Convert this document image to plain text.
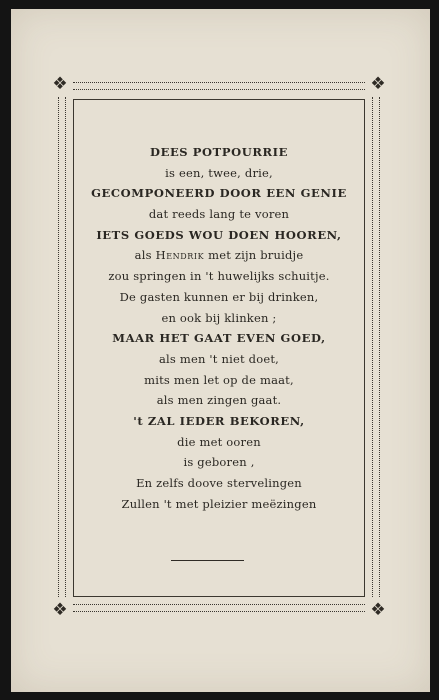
❖	❖
❖	❖
DEES POTPOURRIE
is een, twee, drie,
GECOMPONEERD DOOR EEN GENIE
dat reeds lang te voren
IETS GOEDS WOU DOEN HOOREN,
als Hendrik met zijn bruidje
zou springen in 't huwelijks schuitje.
De gasten kunnen er bij drinken,
en ook bij klinken ;
MAAR HET GAAT EVEN GOED,
als men 't niet doet,
mits men let op de maat,
als men zingen gaat.
't ZAL IEDER BEKOREN,
die met ooren
is geboren ,
En zelfs doove stervelingen
Zullen 't met pleizier meëzingen
